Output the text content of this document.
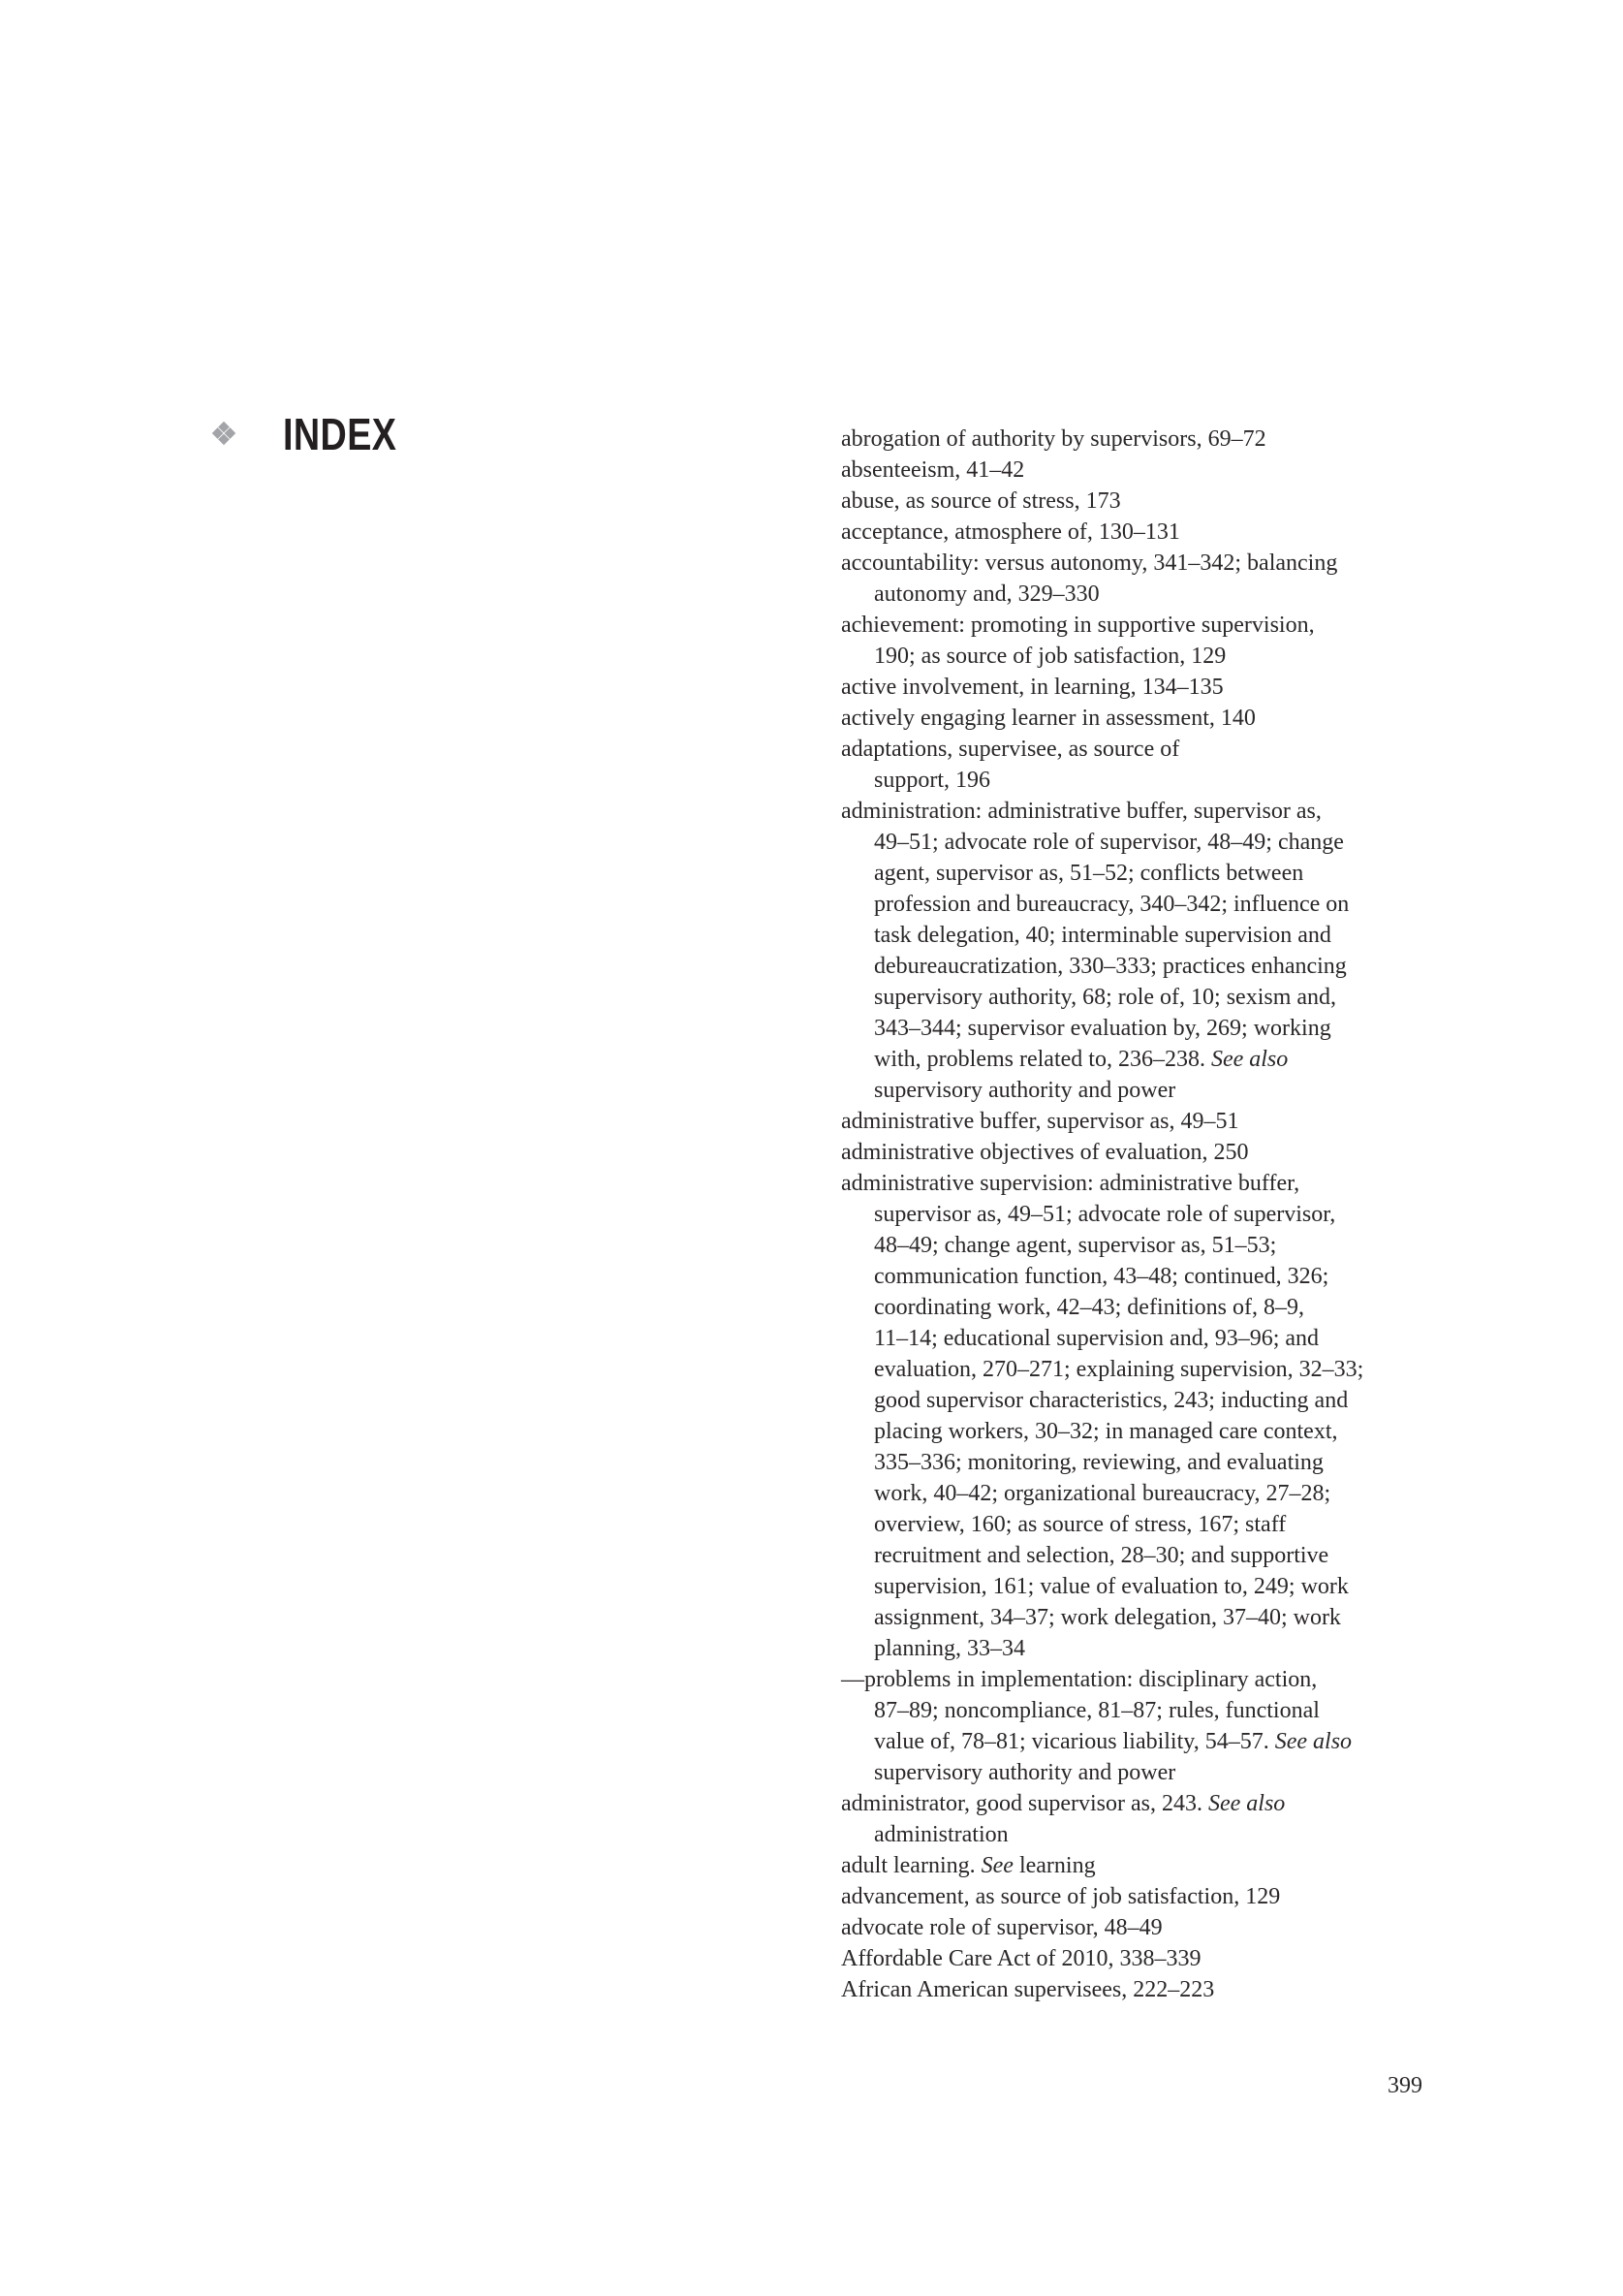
INDEX	abrogation of authority by supervisors, 69–72
absenteeism, 41–42
abuse, as source of stress, 173
acceptance, atmosphere of, 130–131
accountability: versus autonomy, 341–342; balancing
autonomy and, 329–330
achievement: promoting in supportive supervision,
190; as source of job satisfaction, 129
active involvement, in learning, 134–135
actively engaging learner in assessment, 140
adaptations, supervisee, as source of
support, 196
administration: administrative buffer, supervisor as,
49–51; advocate role of supervisor, 48–49; change
agent, supervisor as, 51–52; conflicts between
profession and bureaucracy, 340–342; influence on
task delegation, 40; interminable supervision and
debureaucratization, 330–333; practices enhancing
supervisory authority, 68; role of, 10; sexism and,
343–344; supervisor evaluation by, 269; working
with, problems related to, 236–238. See also
supervisory authority and power
administrative buffer, supervisor as, 49–51
administrative objectives of evaluation, 250
administrative supervision: administrative buffer,
supervisor as, 49–51; advocate role of supervisor,
48–49; change agent, supervisor as, 51–53;
communication function, 43–48; continued, 326;
coordinating work, 42–43; definitions of, 8–9,
11–14; educational supervision and, 93–96; and
evaluation, 270–271; explaining supervision, 32–33;
good supervisor characteristics, 243; inducting and
placing workers, 30–32; in managed care context,
335–336; monitoring, reviewing, and evaluating
work, 40–42; organizational bureaucracy, 27–28;
overview, 160; as source of stress, 167; staff
recruitment and selection, 28–30; and supportive
supervision, 161; value of evaluation to, 249; work
assignment, 34–37; work delegation, 37–40; work
planning, 33–34
—problems in implementation: disciplinary action,
87–89; noncompliance, 81–87; rules, functional
value of, 78–81; vicarious liability, 54–57. See also
supervisory authority and power
administrator, good supervisor as, 243. See also
administration
adult learning. See learning
advancement, as source of job satisfaction, 129
advocate role of supervisor, 48–49
Affordable Care Act of 2010, 338–339
African American supervisees, 222–223
399
